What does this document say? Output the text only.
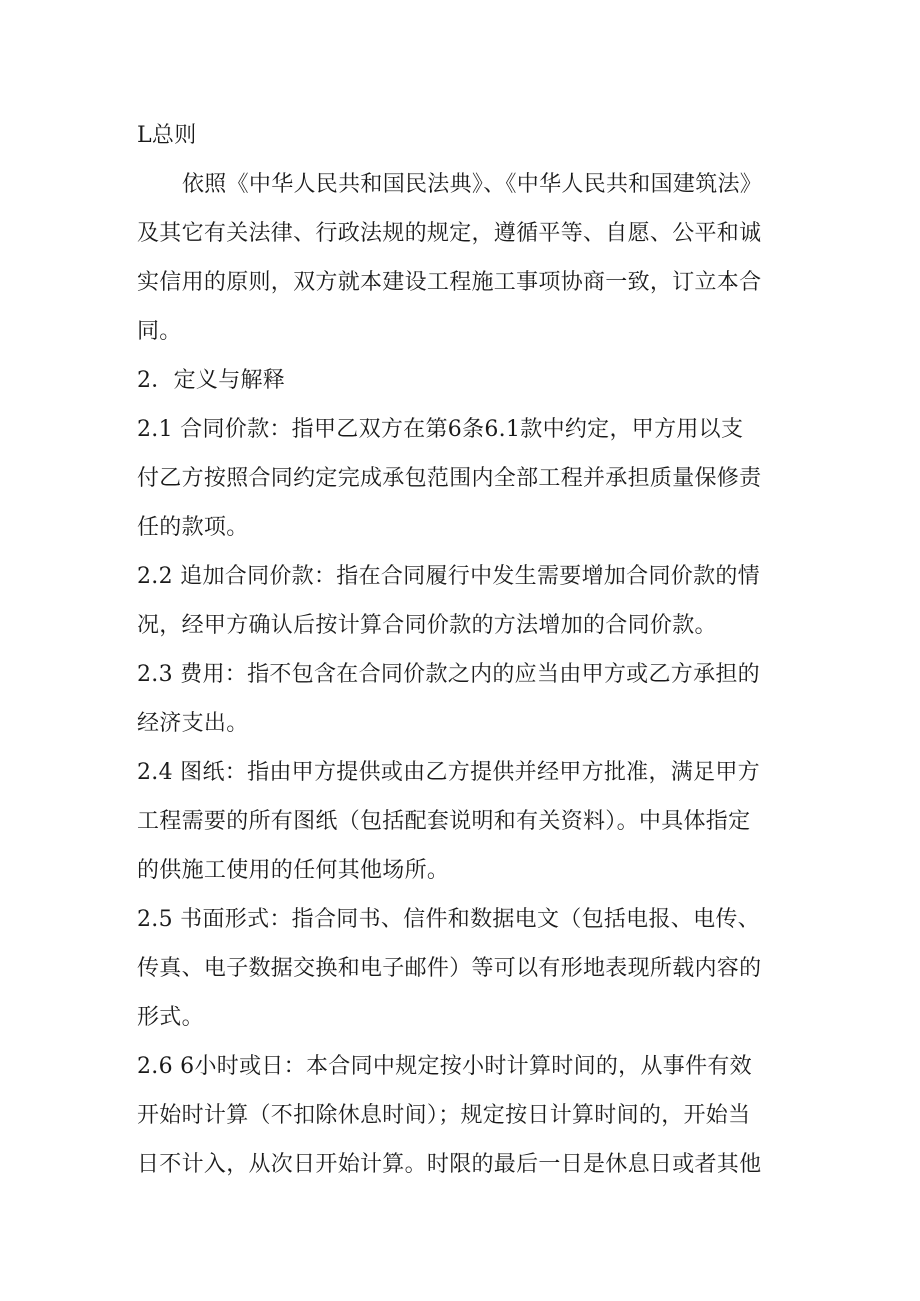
L总则
依照《中华人民共和国民法典》、《中华人民共和国建筑法》
及其它有关法律、行政法规的规定，遵循平等、自愿、公平和诚
实信用的原则，双方就本建设工程施工事项协商一致，订立本合
同。
2．定义与解释
2.1 合同价款：指甲乙双方在第6条6.1款中约定，甲方用以支
付乙方按照合同约定完成承包范围内全部工程并承担质量保修责
任的款项。
2.2 追加合同价款：指在合同履行中发生需要增加合同价款的情
况，经甲方确认后按计算合同价款的方法增加的合同价款。
2.3 费用：指不包含在合同价款之内的应当由甲方或乙方承担的
经济支出。
2.4 图纸：指由甲方提供或由乙方提供并经甲方批准，满足甲方
工程需要的所有图纸（包括配套说明和有关资料）。中具体指定
的供施工使用的任何其他场所。
2.5 书面形式：指合同书、信件和数据电文（包括电报、电传、
传真、电子数据交换和电子邮件）等可以有形地表现所载内容的
形式。
2.6 6小时或日：本合同中规定按小时计算时间的，从事件有效
开始时计算（不扣除休息时间）；规定按日计算时间的，开始当
日不计入，从次日开始计算。时限的最后一日是休息日或者其他
